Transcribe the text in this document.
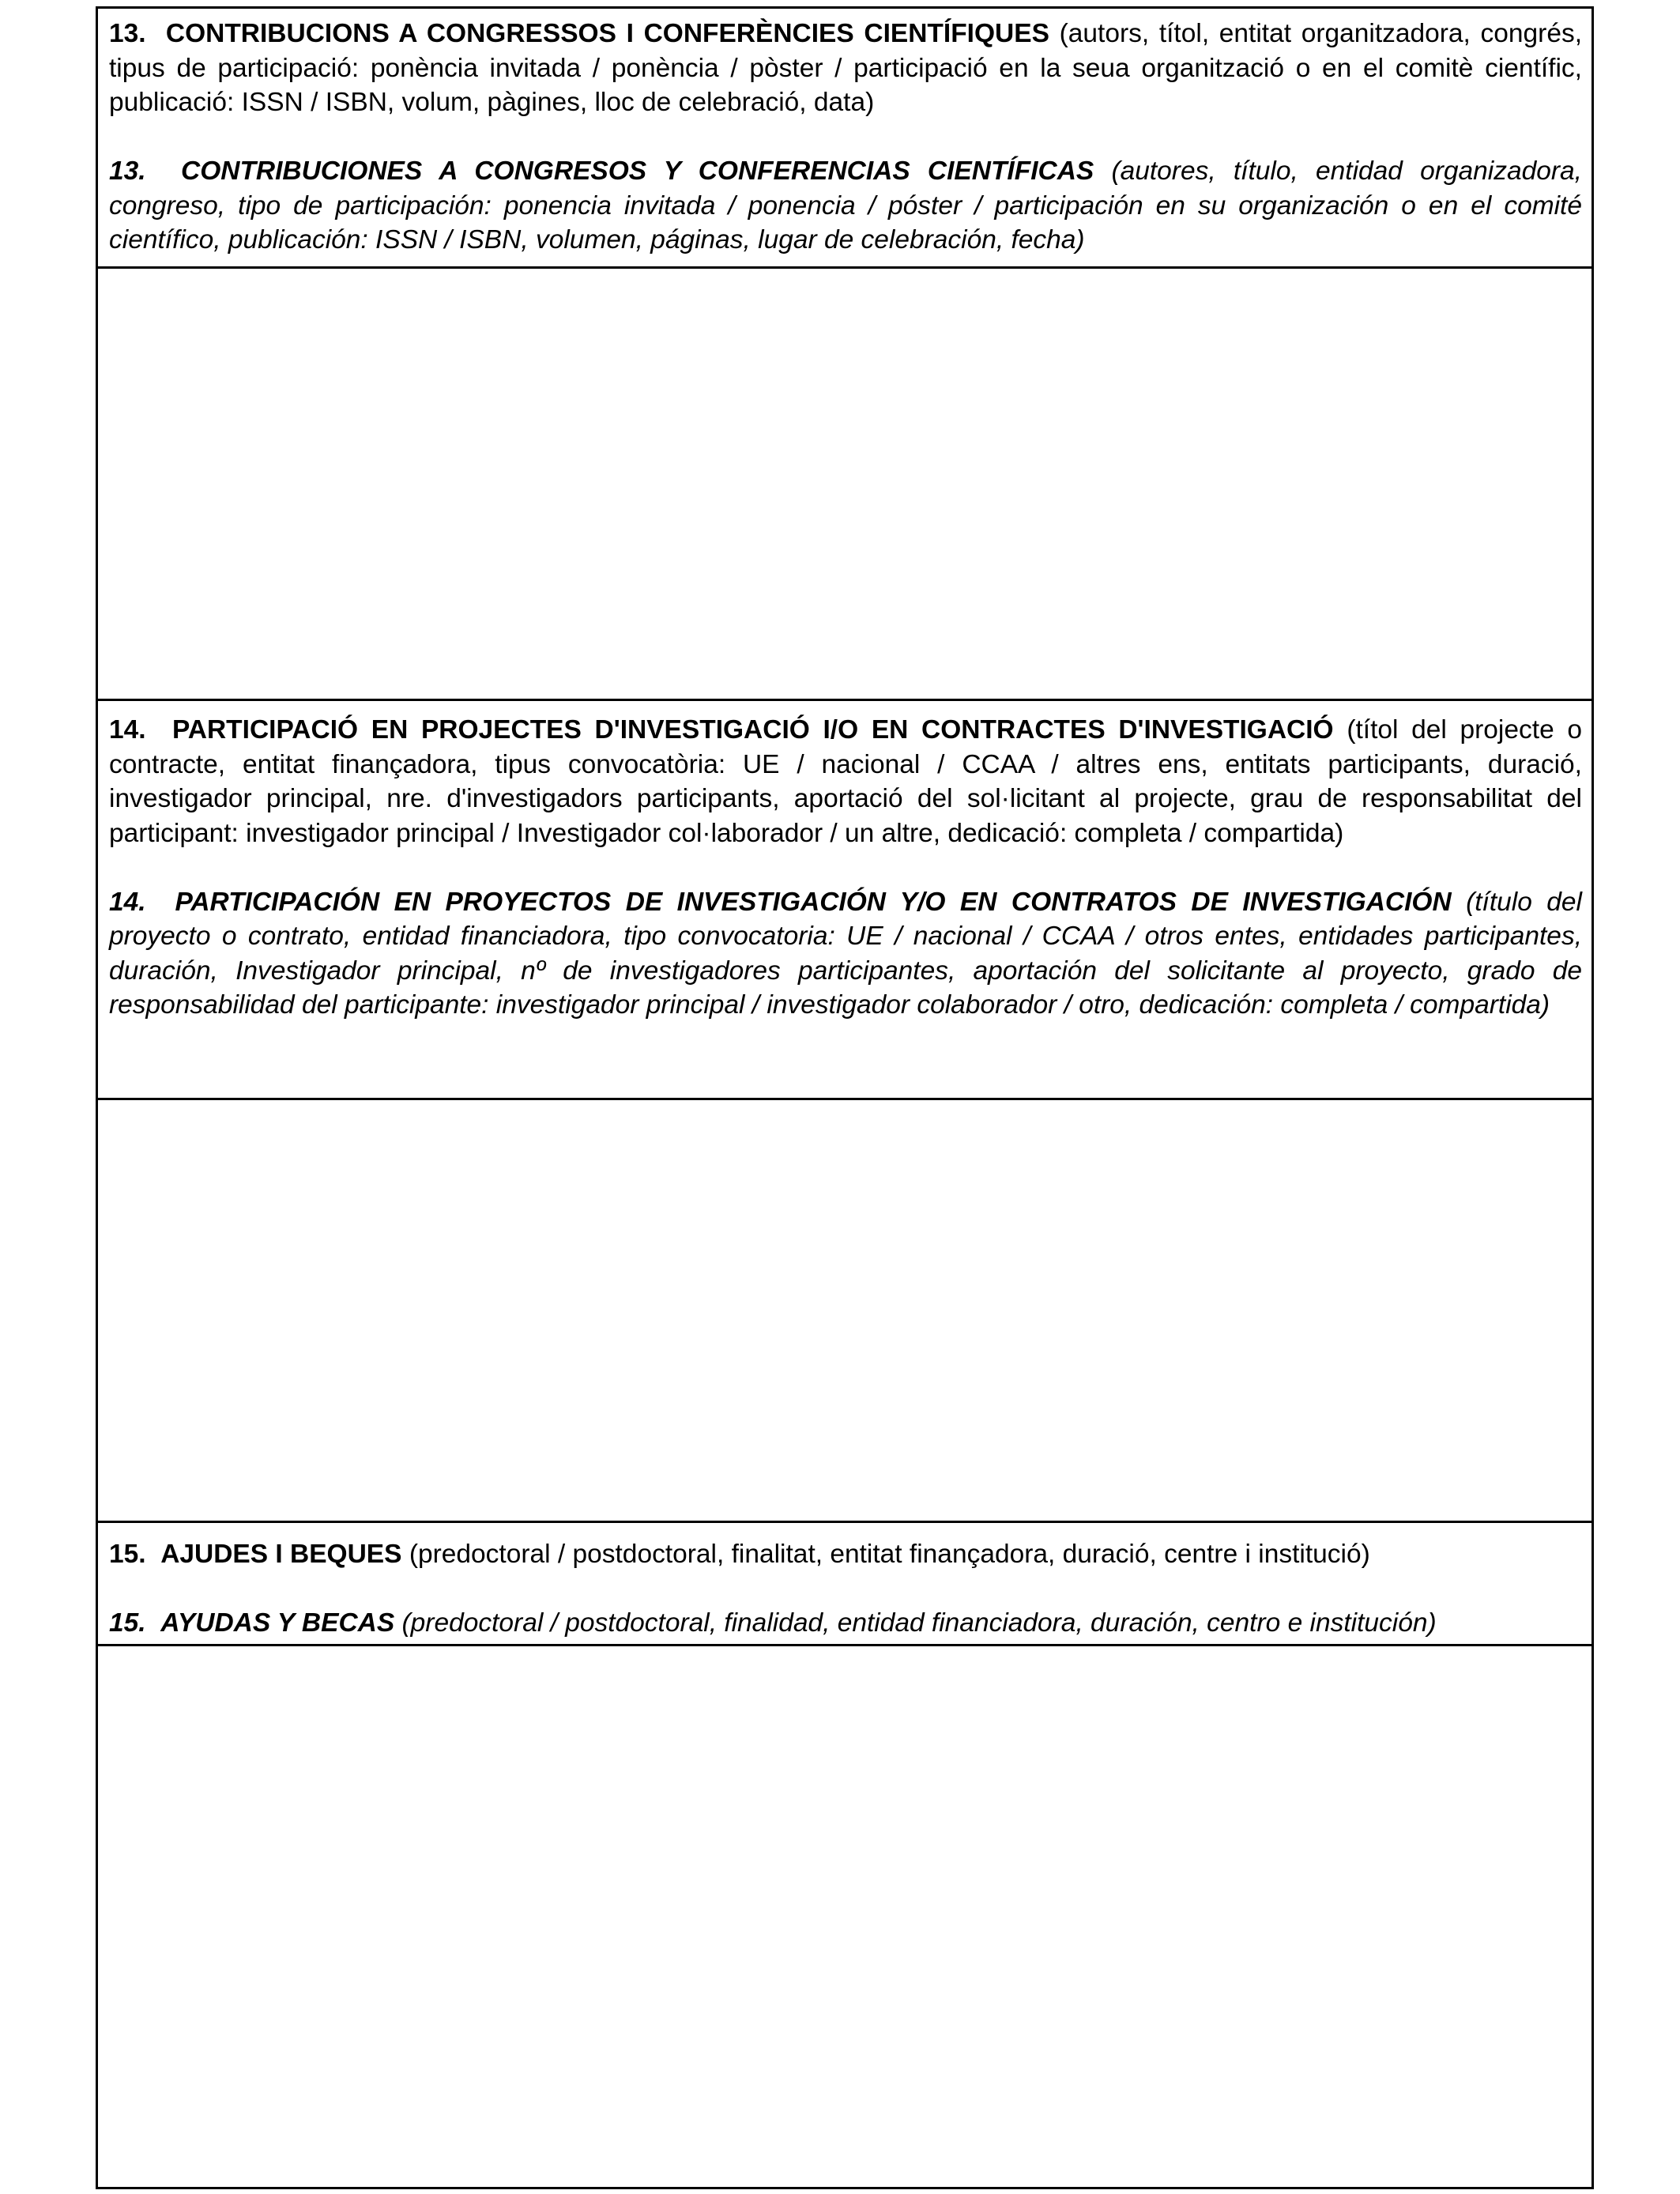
13. CONTRIBUCIONS A CONGRESSOS I CONFERÈNCIES CIENTÍFIQUES (autors, títol, entitat organitzadora, congrés, tipus de participació: ponència invitada / ponència / pòster / participació en la seua organització o en el comitè científic, publicació: ISSN / ISBN, volum, pàgines, lloc de celebració, data)

13. CONTRIBUCIONES A CONGRESOS Y CONFERENCIAS CIENTÍFICAS (autores, título, entidad organizadora, congreso, tipo de participación: ponencia invitada / ponencia / póster / participación en su organización o en el comité científico, publicación: ISSN / ISBN, volumen, páginas, lugar de celebración, fecha)

14. PARTICIPACIÓ EN PROJECTES D'INVESTIGACIÓ I/O EN CONTRACTES D'INVESTIGACIÓ (títol del projecte o contracte, entitat finançadora, tipus convocatòria: UE / nacional / CCAA / altres ens, entitats participants, duració, investigador principal, nre. d'investigadors participants, aportació del sol·licitant al projecte, grau de responsabilitat del participant: investigador principal / Investigador col·laborador / un altre, dedicació: completa / compartida)

14. PARTICIPACIÓN EN PROYECTOS DE INVESTIGACIÓN Y/O EN CONTRATOS DE INVESTIGACIÓN (título del proyecto o contrato, entidad financiadora, tipo convocatoria: UE / nacional / CCAA / otros entes, entidades participantes, duración, Investigador principal, nº de investigadores participantes, aportación del solicitante al proyecto, grado de responsabilidad del participante: investigador principal / investigador colaborador / otro, dedicación: completa / compartida)

15. AJUDES I BEQUES (predoctoral / postdoctoral, finalitat, entitat finançadora, duració, centre i institució)

15. AYUDAS Y BECAS (predoctoral / postdoctoral, finalidad, entidad financiadora, duración, centro e institución)
